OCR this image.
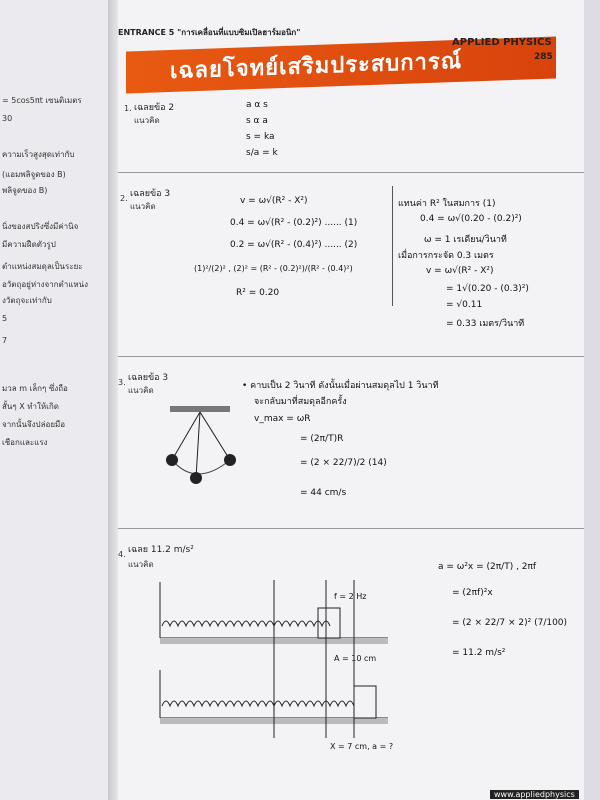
= 5cos5πt เซนติเมตร
30
ความเร็วสูงสุดเท่ากับ
(แอมพลิจูดของ B)
พลิจูดของ B)
นิ่งของสปริงซึ่งมีค่านิจ
มีความฝืดตัวรูป
ตำแหน่งสมดุลเป็นระยะ
อวัตถุอยู่ห่างจากตำแหน่ง
งวัตถุจะเท่ากับ
5
7
มวล m เล็กๆ ซึ่งถือ
สั้นๆ X ทำให้เกิด
จากนั้นจึงปล่อยมือ
เชือกและแรง
ENTRANCE 5 "การเคลื่อนที่แบบซิมเปิลฮาร์มอนิก"
เฉลยโจทย์เสริมประสบการณ์
APPLIED PHYSICS
285
1. เฉลยข้อ 2
แนวคิด
a α s
s α a
s = ka
s/a = k
2. เฉลยข้อ 3
แนวคิด
v = ω√(R² - X²)
0.4 = ω√(R² - (0.2)²) ...... (1)
0.2 = ω√(R² - (0.4)²) ...... (2)
(1)²/(2)² , (2)² = (R² - (0.2)²)/(R² - (0.4)²)
R² = 0.20
แทนค่า R² ในสมการ (1)
0.4 = ω√(0.20 - (0.2)²)
ω = 1 เรเดียน/วินาที
เมื่อการกระจัด 0.3 เมตร
v = ω√(R² - X²)
= 1√(0.20 - (0.3)²)
= √0.11
= 0.33 เมตร/วินาที
3. เฉลยข้อ 3
แนวคิด	• คาบเป็น 2 วินาที ดังนั้นเมื่อผ่านสมดุลไป 1 วินาที
จะกลับมาที่สมดุลอีกครั้ง
v_max = ωR
= (2π/T)R
= (2 × 22/7)/2 (14)
= 44 cm/s
4. เฉลย 11.2 m/s²
แนวคิด
f = 2 Hz
A = 10 cm
X = 7 cm, a = ?
a = ω²x = (2π/T) , 2πf
= (2πf)²x
= (2 × 22/7 × 2)² (7/100)
= 11.2 m/s²
www.appliedphysics
